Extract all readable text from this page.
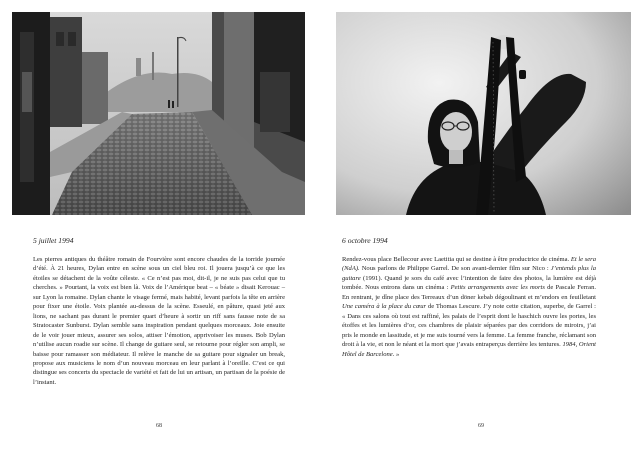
5 juillet 1994

Les pierres antiques du théâtre romain de Fourvière sont encore chaudes de la torride journée d’été. À 21 heures, Dylan entre en scène sous un ciel bleu roi. Il jouera jusqu’à ce que les étoiles se détachent de la voûte céleste. « Ce n’est pas moi, dit-il, je ne suis pas celui que tu cherches. » Pourtant, la voix est bien là. Voix de l’Amérique beat – « béate » disait Kerouac – sur Lyon la romaine. Dylan chante le visage fermé, mais habité, levant parfois la tête en arrière pour fixer une étoile. Voix plantée au-dessus de la scène. Esseulé, en pâture, quasi jeté aux lions, ne sachant pas durant le premier quart d’heure à sortir un riff sans fausse note de sa Stratocaster Sunburst. Dylan semble sans inspiration pendant quelques morceaux. Joie ensuite de le voir jouer mieux, assurer ses solos, attiser l’émotion, apprivoiser les muses. Bob Dylan n’utilise aucun roadie sur scène. Il change de guitare seul, se retourne pour régler son ampli, se baisse pour ramasser son médiateur. Il relève le manche de sa guitare pour signaler un break, propose aux musiciens le nom d’un nouveau morceau en leur parlant à l’oreille. C’est ce qui distingue ses concerts du spectacle de variété et fait de lui un artisan, un partisan de la poésie de l’instant.

68
6 octobre 1994

Rendez-vous place Bellecour avec Laetitia qui se destine à être productrice de cinéma. Et le sera (NdA). Nous parlons de Philippe Garrel. De son avant-dernier film sur Nico : J’entends plus la guitare (1991). Quand je sors du café avec l’intention de faire des photos, la lumière est déjà tombée. Nous entrons dans un cinéma : Petits arrangements avec les morts de Pascale Ferran. En rentrant, je dîne place des Terreaux d’un döner kebab dégoulinant et m’endors en feuilletant Une caméra à la place du cœur de Thomas Lescure. J’y note cette citation, superbe, de Garrel : « Dans ces salons où tout est raffiné, les palais de l’esprit dont le haschich ouvre les portes, les étoffes et les lumières d’or, ces chambres de plaisir séparées par des corridors de miroirs, j’ai pris le monde en lassitude, et je me suis tourné vers la femme. La femme franche, réclamant son droit à la vie, et non le néant et la mort que j’avais entraperçus derrière les tentures. 1984, Orient Hôtel de Barcelone. »

69
